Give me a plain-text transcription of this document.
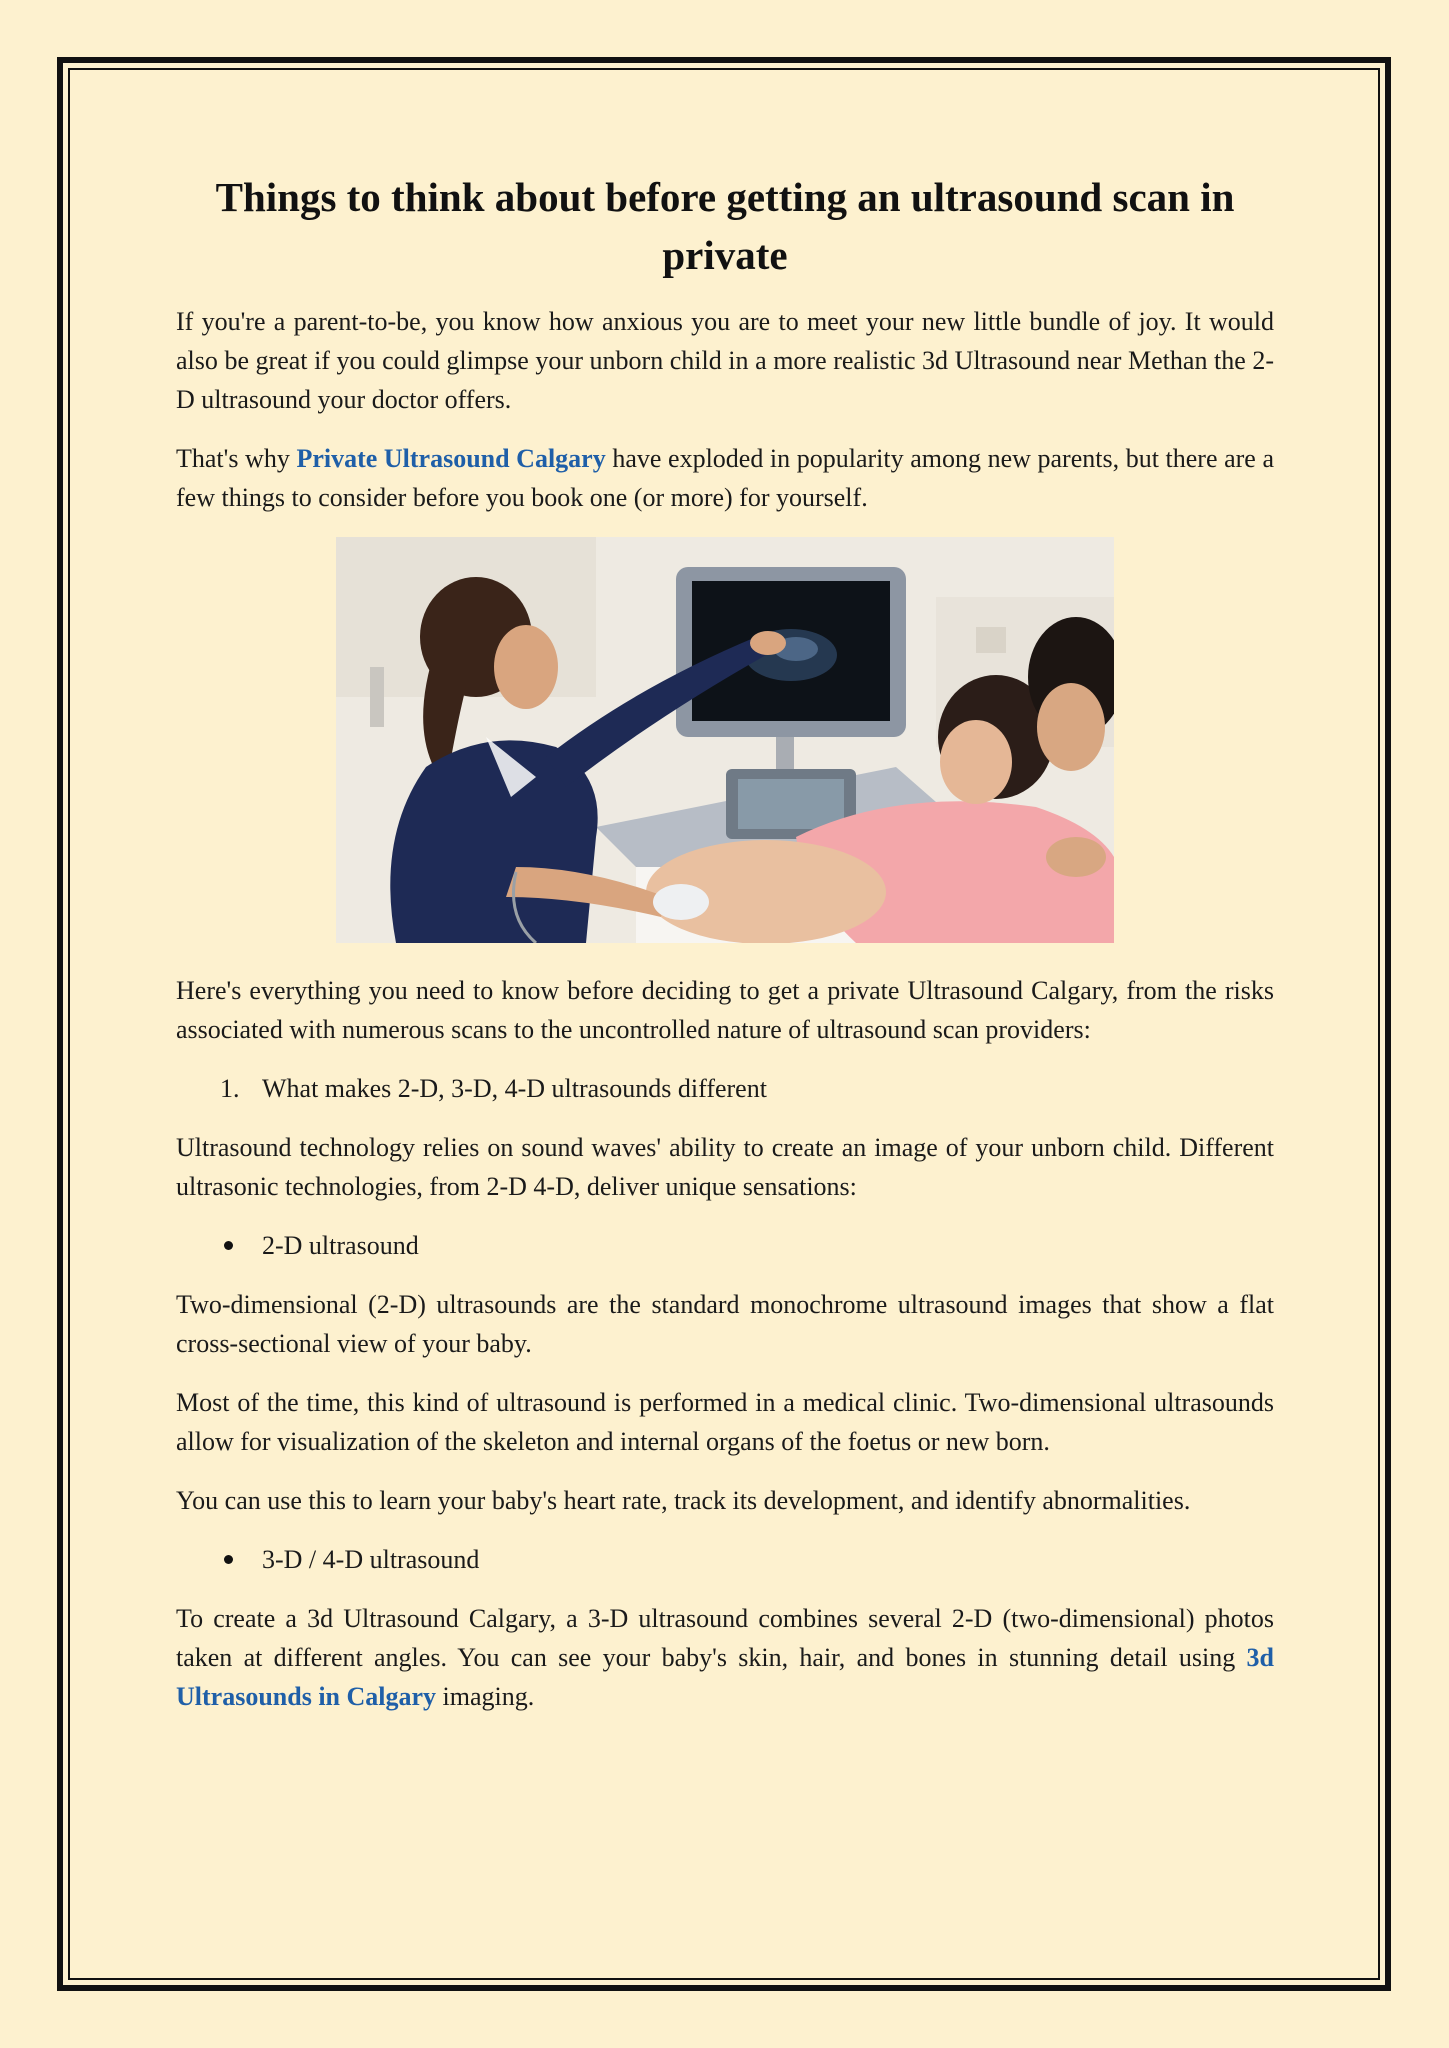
Things to think about before getting an ultrasound scan in private

If you're a parent-to-be, you know how anxious you are to meet your new little bundle of joy. It would also be great if you could glimpse your unborn child in a more realistic 3d Ultrasound near Methan the 2-D ultrasound your doctor offers.

That's why Private Ultrasound Calgary have exploded in popularity among new parents, but there are a few things to consider before you book one (or more) for yourself.

Here's everything you need to know before deciding to get a private Ultrasound Calgary, from the risks associated with numerous scans to the uncontrolled nature of ultrasound scan providers:

1. What makes 2-D, 3-D, 4-D ultrasounds different

Ultrasound technology relies on sound waves' ability to create an image of your unborn child. Different ultrasonic technologies, from 2-D 4-D, deliver unique sensations:

2-D ultrasound

Two-dimensional (2-D) ultrasounds are the standard monochrome ultrasound images that show a flat cross-sectional view of your baby.

Most of the time, this kind of ultrasound is performed in a medical clinic. Two-dimensional ultrasounds allow for visualization of the skeleton and internal organs of the foetus or new born.

You can use this to learn your baby's heart rate, track its development, and identify abnormalities.

3-D / 4-D ultrasound

To create a 3d Ultrasound Calgary, a 3-D ultrasound combines several 2-D (two-dimensional) photos taken at different angles. You can see your baby's skin, hair, and bones in stunning detail using 3d Ultrasounds in Calgary imaging.
